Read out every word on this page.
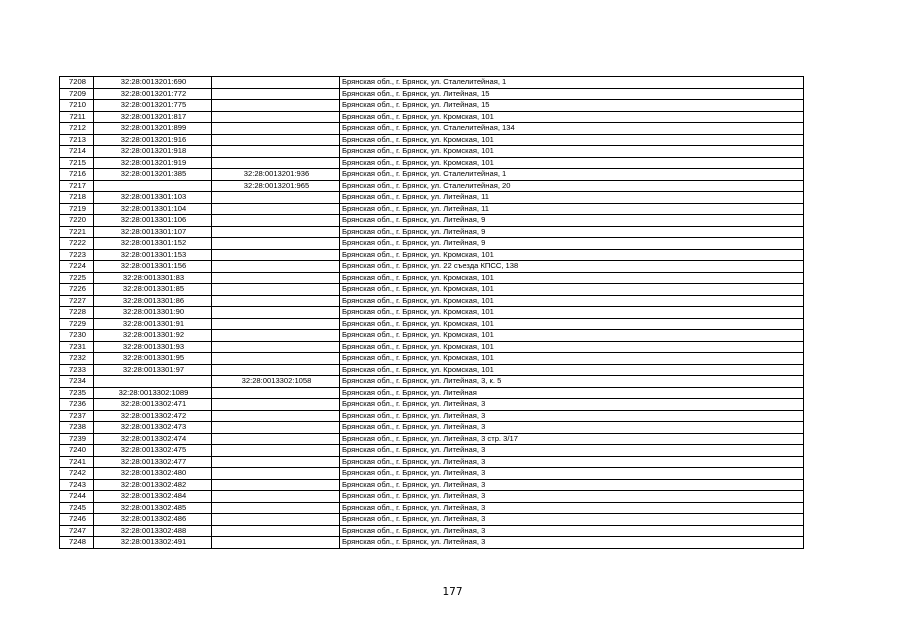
7208	32:28:0013201:690		Брянская обл., г. Брянск, ул. Сталелитейная, 1
7209	32:28:0013201:772		Брянская обл., г. Брянск, ул. Литейная, 15
7210	32:28:0013201:775		Брянская обл., г. Брянск, ул. Литейная, 15
7211	32:28:0013201:817		Брянская обл., г. Брянск, ул. Кромская, 101
7212	32:28:0013201:899		Брянская обл., г. Брянск, ул. Сталелитейная, 134
7213	32:28:0013201:916		Брянская обл., г. Брянск, ул. Кромская, 101
7214	32:28:0013201:918		Брянская обл., г. Брянск, ул. Кромская, 101
7215	32:28:0013201:919		Брянская обл., г. Брянск, ул. Кромская, 101
7216	32:28:0013201:385	32:28:0013201:936	Брянская обл., г. Брянск, ул. Сталелитейная, 1
7217		32:28:0013201:965	Брянская обл., г. Брянск, ул. Сталелитейная, 20
7218	32:28:0013301:103		Брянская обл., г. Брянск, ул. Литейная, 11
7219	32:28:0013301:104		Брянская обл., г. Брянск, ул. Литейная, 11
7220	32:28:0013301:106		Брянская обл., г. Брянск, ул. Литейная, 9
7221	32:28:0013301:107		Брянская обл., г. Брянск, ул. Литейная, 9
7222	32:28:0013301:152		Брянская обл., г. Брянск, ул. Литейная, 9
7223	32:28:0013301:153		Брянская обл., г. Брянск, ул. Кромская, 101
7224	32:28:0013301:156		Брянская обл., г. Брянск, ул. 22 съезда КПСС, 138
7225	32:28:0013301:83		Брянская обл., г. Брянск, ул. Кромская, 101
7226	32:28:0013301:85		Брянская обл., г. Брянск, ул. Кромская, 101
7227	32:28:0013301:86		Брянская обл., г. Брянск, ул. Кромская, 101
7228	32:28:0013301:90		Брянская обл., г. Брянск, ул. Кромская, 101
7229	32:28:0013301:91		Брянская обл., г. Брянск, ул. Кромская, 101
7230	32:28:0013301:92		Брянская обл., г. Брянск, ул. Кромская, 101
7231	32:28:0013301:93		Брянская обл., г. Брянск, ул. Кромская, 101
7232	32:28:0013301:95		Брянская обл., г. Брянск, ул. Кромская, 101
7233	32:28:0013301:97		Брянская обл., г. Брянск, ул. Кромская, 101
7234		32:28:0013302:1058	Брянская обл., г. Брянск, ул. Литейная, 3, к. 5
7235	32:28:0013302:1089		Брянская обл., г. Брянск, ул. Литейная
7236	32:28:0013302:471		Брянская обл., г. Брянск, ул. Литейная, 3
7237	32:28:0013302:472		Брянская обл., г. Брянск, ул. Литейная, 3
7238	32:28:0013302:473		Брянская обл., г. Брянск, ул. Литейная, 3
7239	32:28:0013302:474		Брянская обл., г. Брянск, ул. Литейная, 3 стр. 3/17
7240	32:28:0013302:475		Брянская обл., г. Брянск, ул. Литейная, 3
7241	32:28:0013302:477		Брянская обл., г. Брянск, ул. Литейная, 3
7242	32:28:0013302:480		Брянская обл., г. Брянск, ул. Литейная, 3
7243	32:28:0013302:482		Брянская обл., г. Брянск, ул. Литейная, 3
7244	32:28:0013302:484		Брянская обл., г. Брянск, ул. Литейная, 3
7245	32:28:0013302:485		Брянская обл., г. Брянск, ул. Литейная, 3
7246	32:28:0013302:486		Брянская обл., г. Брянск, ул. Литейная, 3
7247	32:28:0013302:488		Брянская обл., г. Брянск, ул. Литейная, 3
7248	32:28:0013302:491		Брянская обл., г. Брянск, ул. Литейная, 3
177
